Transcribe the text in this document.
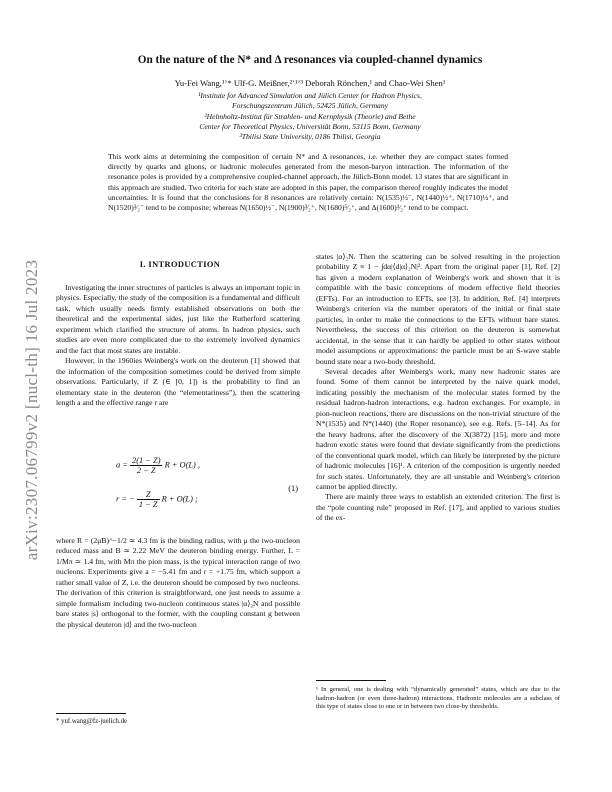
arXiv:2307.06799v2 [nucl-th] 16 Jul 2023
On the nature of the N* and Δ resonances via coupled-channel dynamics
Yu-Fei Wang,¹ʼ* Ulf-G. Meißner,²ʼ¹ʼ³ Deborah Rönchen,¹ and Chao-Wei Shen¹
¹Institute for Advanced Simulation and Jülich Center for Hadron Physics,
Forschungszentrum Jülich, 52425 Jülich, Germany
²Helmholtz-Institut für Strahlen- und Kernphysik (Theorie) and Bethe
Center for Theoretical Physics, Universität Bonn, 53115 Bonn, Germany
³Tbilisi State University, 0186 Tbilisi, Georgia
This work aims at determining the composition of certain N* and Δ resonances, i.e. whether they are compact states formed directly by quarks and gluons, or hadronic molecules generated from the meson-baryon interaction. The information of the resonance poles is provided by a comprehensive coupled-channel approach, the Jülich-Bonn model. 13 states that are significant in this approach are studied. Two criteria for each state are adopted in this paper, the comparison thereof roughly indicates the model uncertainties. It is found that the conclusions for 8 resonances are relatively certain: N(1535)½⁻, N(1440)½⁺, N(1710)½⁺, and N(1520)³⁄₂⁻ tend to be composite; whereas N(1650)½⁻, N(1900)³⁄₂⁺, N(1680)⁵⁄₂⁺, and Δ(1600)³⁄₂⁺ tend to be compact.
I. INTRODUCTION

Investigating the inner structures of particles is always an important topic in physics. Especially, the study of the composition is a fundamental and difficult task, which usually needs firmly established observations on both the theoretical and the experimental sides, just like the Rutherford scattering experiment which clarified the structure of atoms. In hadron physics, such studies are even more complicated due to the extremely involved dynamics and the fact that most states are instable.

However, in the 1960ies Weinberg's work on the deuteron [1] showed that the information of the composition sometimes could be derived from simple observations. Particularly, if Z (∈ [0, 1]) is the probability to find an elementary state in the deuteron (the “elementariness”), then the scattering length a and the effective range r are

$a = \frac{2(1 - Z)}{2 - Z}$ R + O(L) ,
r = − $\frac{Z}{1 - Z}$ R + O(L) ;
(1)

where R = (2μB)^−1/2 ≃ 4.3 fm is the binding radius, with μ the two-nucleon reduced mass and B ≃ 2.22 MeV the deuteron binding energy. Further, L = 1/Mπ ≃ 1.4 fm, with Mπ the pion mass, is the typical interaction range of two nucleons. Experiments give a = −5.41 fm and r = +1.75 fm, which support a rather small value of Z, i.e. the deuteron should be composed by two nucleons. The derivation of this criterion is straightforward, one just needs to assume a simple formalism including two-nucleon continuous states |α⟩₂N and possible bare states |s⟩ orthogonal to the former, with the coupling constant g between the physical deuteron |d⟩ and the two-nucleon

states |α⟩₂N. Then the scattering can be solved resulting in the projection probability Z ≡ 1 − ∫dα|⟨d|α⟩₂N|². Apart from the original paper [1], Ref. [2] has given a modern explanation of Weinberg's work and shown that it is compatible with the basic conceptions of modern effective field theories (EFTs). For an introduction to EFTs, see [3]. In addition, Ref. [4] interprets Weinberg's criterion via the number operators of the initial or final state particles, in order to make the connections to the EFTs without bare states. Nevertheless, the success of this criterion on the deuteron is somewhat accidental, in the sense that it can hardly be applied to other states without model assumptions or approximations: the particle must be an S-wave stable bound state near a two-body threshold.

Several decades after Weinberg's work, many new hadronic states are found. Some of them cannot be interpreted by the naive quark model, indicating possibly the mechanism of the molecular states formed by the residual hadron-hadron interactions, e.g. hadron exchanges. For example, in pion-nucleon reactions, there are discussions on the non-trivial structure of the N*(1535) and N*(1440) (the Roper resonance), see e.g. Refs. [5–14]. As for the heavy hadrons, after the discovery of the X(3872) [15], more and more hadron exotic states were found that deviate significantly from the predictions of the conventional quark model, which can likely be interpreted by the picture of hadronic molecules [16]¹. A criterion of the composition is urgently needed for such states. Unfortunately, they are all unstable and Weinberg's criterion cannot be applied directly.

There are mainly three ways to establish an extended criterion. The first is the “pole counting rule” proposed in Ref. [17], and applied to various studies of the ex-

* yuf.wang@fz-juelich.de
¹ In general, one is dealing with “dynamically generated” states, which are due to the hadron-hadron (or even three-hadron) interactions. Hadronic molecules are a subclass of this type of states close to one or in between two close-by thresholds.
